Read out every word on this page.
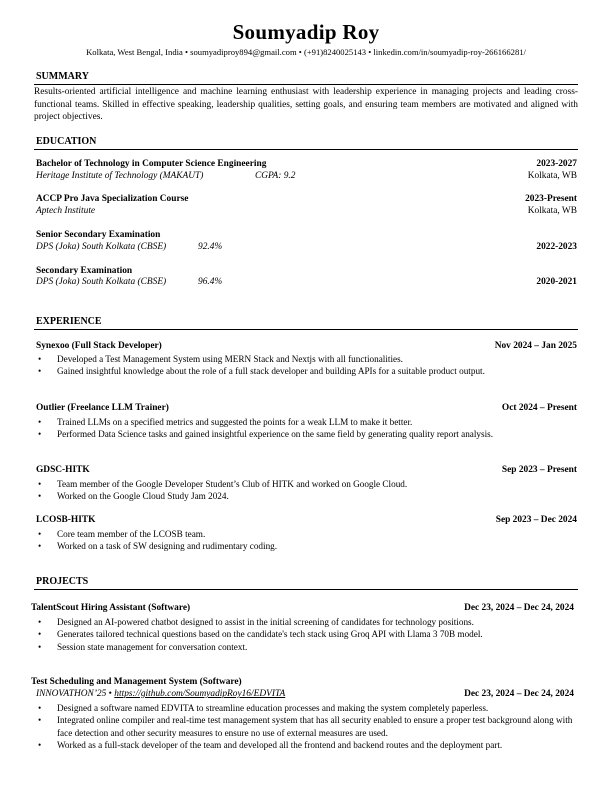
Soumyadip Roy
Kolkata, West Bengal, India • soumyadiproy894@gmail.com • (+91)8240025143 • linkedin.com/in/soumyadip-roy-266166281/
SUMMARY
Results-oriented artificial intelligence and machine learning enthusiast with leadership experience in managing projects and leading cross-functional teams. Skilled in effective speaking, leadership qualities, setting goals, and ensuring team members are motivated and aligned with project objectives.
EDUCATION
Bachelor of Technology in Computer Science Engineering	2023-2027
Heritage Institute of Technology (MAKAUT)	CGPA: 9.2	Kolkata, WB
ACCP Pro Java Specialization Course	2023-Present
Aptech Institute	Kolkata, WB
Senior Secondary Examination
DPS (Joka) South Kolkata (CBSE)	92.4%	2022-2023
Secondary Examination
DPS (Joka) South Kolkata (CBSE)	96.4%	2020-2021
EXPERIENCE
Synexoo (Full Stack Developer)	Nov 2024 – Jan 2025
• Developed a Test Management System using MERN Stack and Nextjs with all functionalities.
• Gained insightful knowledge about the role of a full stack developer and building APIs for a suitable product output.
Outlier (Freelance LLM Trainer)	Oct 2024 – Present
• Trained LLMs on a specified metrics and suggested the points for a weak LLM to make it better.
• Performed Data Science tasks and gained insightful experience on the same field by generating quality report analysis.
GDSC-HITK	Sep 2023 – Present
• Team member of the Google Developer Student’s Club of HITK and worked on Google Cloud.
• Worked on the Google Cloud Study Jam 2024.
LCOSB-HITK	Sep 2023 – Dec 2024
• Core team member of the LCOSB team.
• Worked on a task of SW designing and rudimentary coding.
PROJECTS
TalentScout Hiring Assistant (Software)	Dec 23, 2024 – Dec 24, 2024
• Designed an AI-powered chatbot designed to assist in the initial screening of candidates for technology positions.
• Generates tailored technical questions based on the candidate's tech stack using Groq API with Llama 3 70B model.
• Session state management for conversation context.
Test Scheduling and Management System (Software)
INNOVATHON’25 • https://github.com/SoumyadipRoy16/EDVITA	Dec 23, 2024 – Dec 24, 2024
• Designed a software named EDVITA to streamline education processes and making the system completely paperless.
• Integrated online compiler and real-time test management system that has all security enabled to ensure a proper test background along with face detection and other security measures to ensure no use of external measures are used.
• Worked as a full-stack developer of the team and developed all the frontend and backend routes and the deployment part.
